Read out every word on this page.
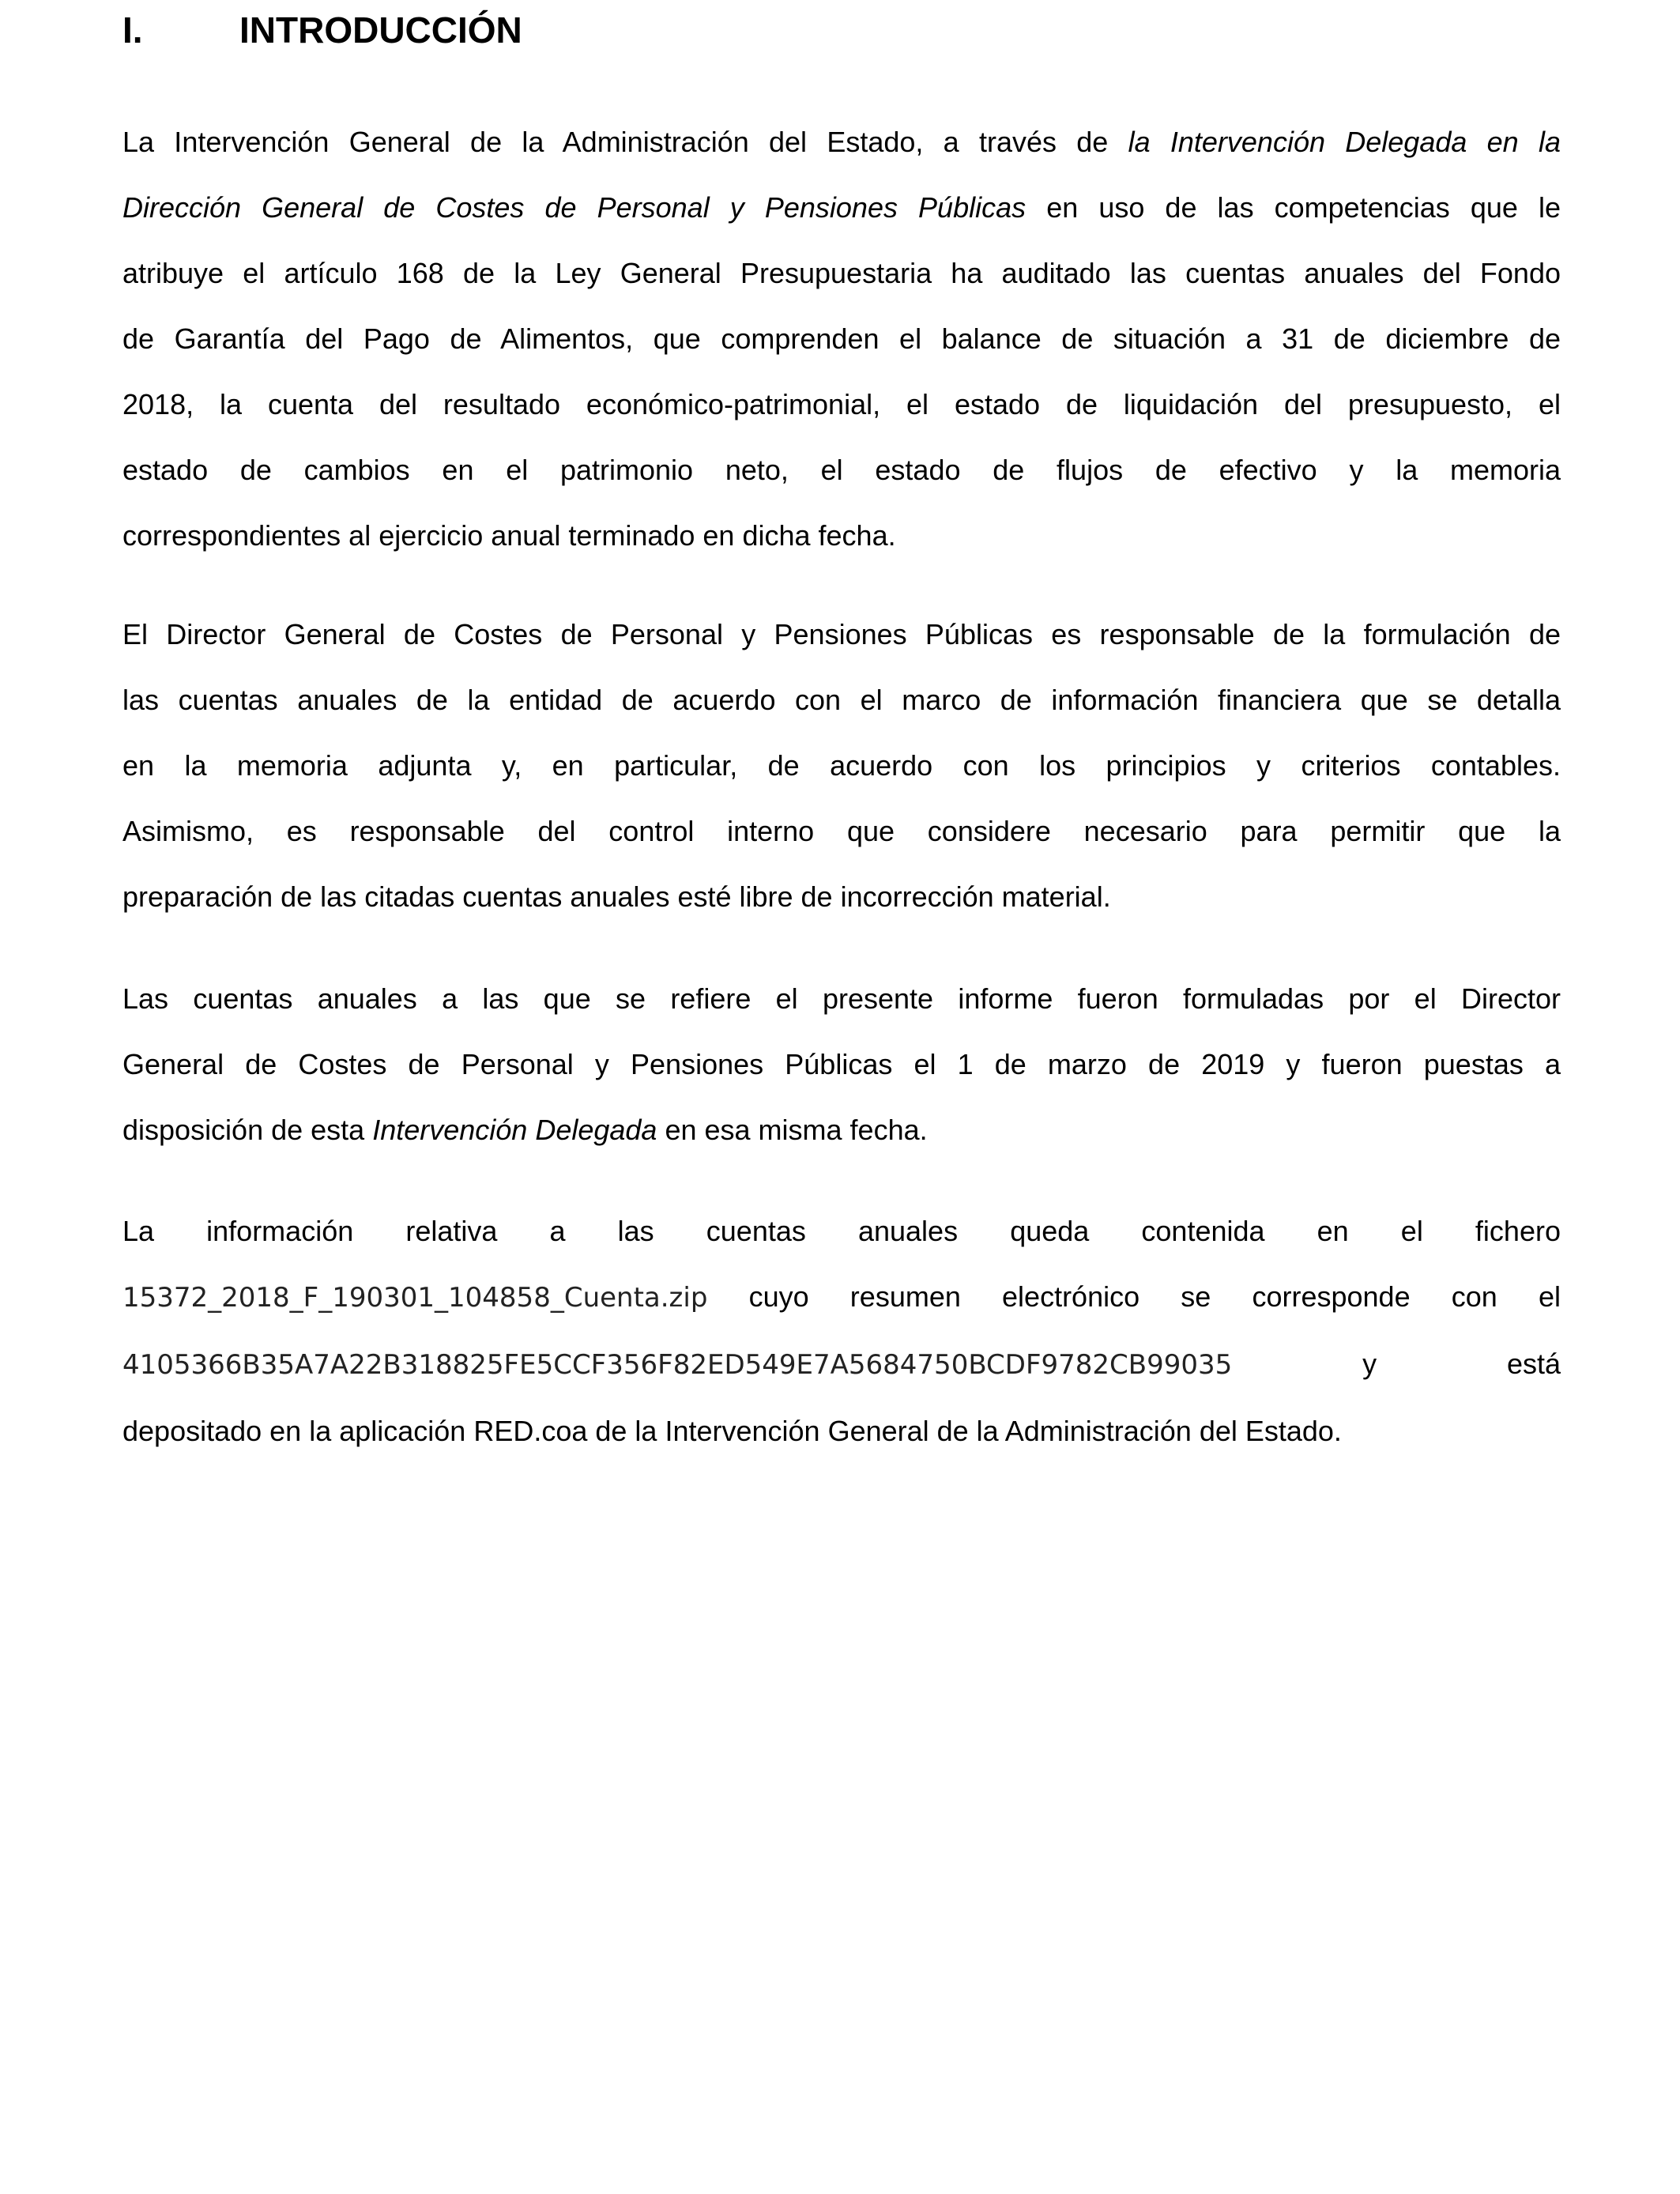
I.	INTRODUCCIÓN
La Intervención General de la Administración del Estado, a través de la Intervención Delegada en la
Dirección General de Costes de Personal y Pensiones Públicas en uso de las competencias que le
atribuye el artículo 168 de la Ley General Presupuestaria ha auditado las cuentas anuales del Fondo
de Garantía del Pago de Alimentos, que comprenden el balance de situación a 31 de diciembre de
2018, la cuenta del resultado económico-patrimonial, el estado de liquidación del presupuesto, el
estado de cambios en el patrimonio neto, el estado de flujos de efectivo y la memoria
correspondientes al ejercicio anual terminado en dicha fecha.
El Director General de Costes de Personal y Pensiones Públicas es responsable de la formulación de
las cuentas anuales de la entidad de acuerdo con el marco de información financiera que se detalla
en la memoria adjunta y, en particular, de acuerdo con los principios y criterios contables.
Asimismo, es responsable del control interno que considere necesario para permitir que la
preparación de las citadas cuentas anuales esté libre de incorrección material.
Las cuentas anuales a las que se refiere el presente informe fueron formuladas por el Director
General de Costes de Personal y Pensiones Públicas el 1 de marzo de 2019 y fueron puestas a
disposición de esta Intervención Delegada en esa misma fecha.
La información relativa a las cuentas anuales queda contenida en el fichero
15372_2018_F_190301_104858_Cuenta.zip cuyo resumen electrónico se corresponde con el
4105366B35A7A22B318825FE5CCF356F82ED549E7A5684750BCDF9782CB99035	y está
depositado en la aplicación RED.coa de la Intervención General de la Administración del Estado.
